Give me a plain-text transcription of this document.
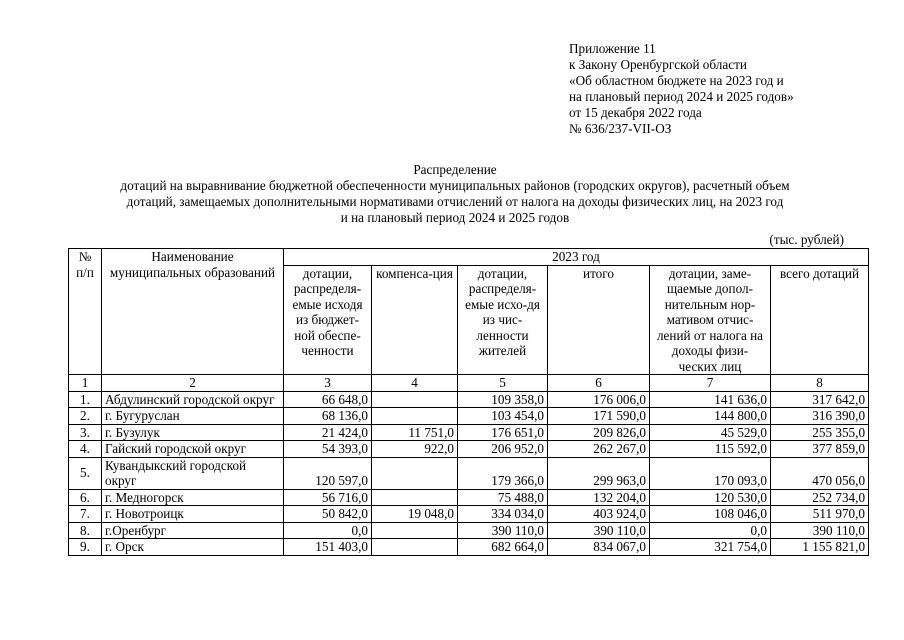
Приложение 11
к Закону Оренбургской области
«Об областном бюджете на 2023 год и
на плановый период 2024 и 2025 годов»
от 15 декабря 2022 года
№ 636/237-VII-ОЗ
Распределение
дотаций на выравнивание бюджетной обеспеченности муниципальных районов (городских округов), расчетный объем
дотаций, замещаемых дополнительными нормативами отчислений от налога на доходы физических лиц, на 2023 год
и на плановый период 2024 и 2025 годов
(тыс. рублей)
№ п/п	Наименование муниципальных образований	2023 год					
		дотации, распределя-емые исходя из бюджет-ной обеспе-ченности	компенса-ция	дотации, распределя-емые исхо-дя из чис-ленности жителей	итого	дотации, заме-щаемые допол-нительным нор-мативом отчис-лений от налога на доходы физи-ческих лиц	всего дотаций
1	2	3	4	5	6	7	8
1.	Абдулинский городской округ	66 648,0		109 358,0	176 006,0	141 636,0	317 642,0
2.	г. Бугуруслан	68 136,0		103 454,0	171 590,0	144 800,0	316 390,0
3.	г. Бузулук	21 424,0	11 751,0	176 651,0	209 826,0	45 529,0	255 355,0
4.	Гайский городской округ	54 393,0	922,0	206 952,0	262 267,0	115 592,0	377 859,0
5.	Кувандыкский городской округ	120 597,0		179 366,0	299 963,0	170 093,0	470 056,0
6.	г. Медногорск	56 716,0		75 488,0	132 204,0	120 530,0	252 734,0
7.	г. Новотроицк	50 842,0	19 048,0	334 034,0	403 924,0	108 046,0	511 970,0
8.	г.Оренбург	0,0		390 110,0	390 110,0	0,0	390 110,0
9.	г. Орск	151 403,0		682 664,0	834 067,0	321 754,0	1 155 821,0
